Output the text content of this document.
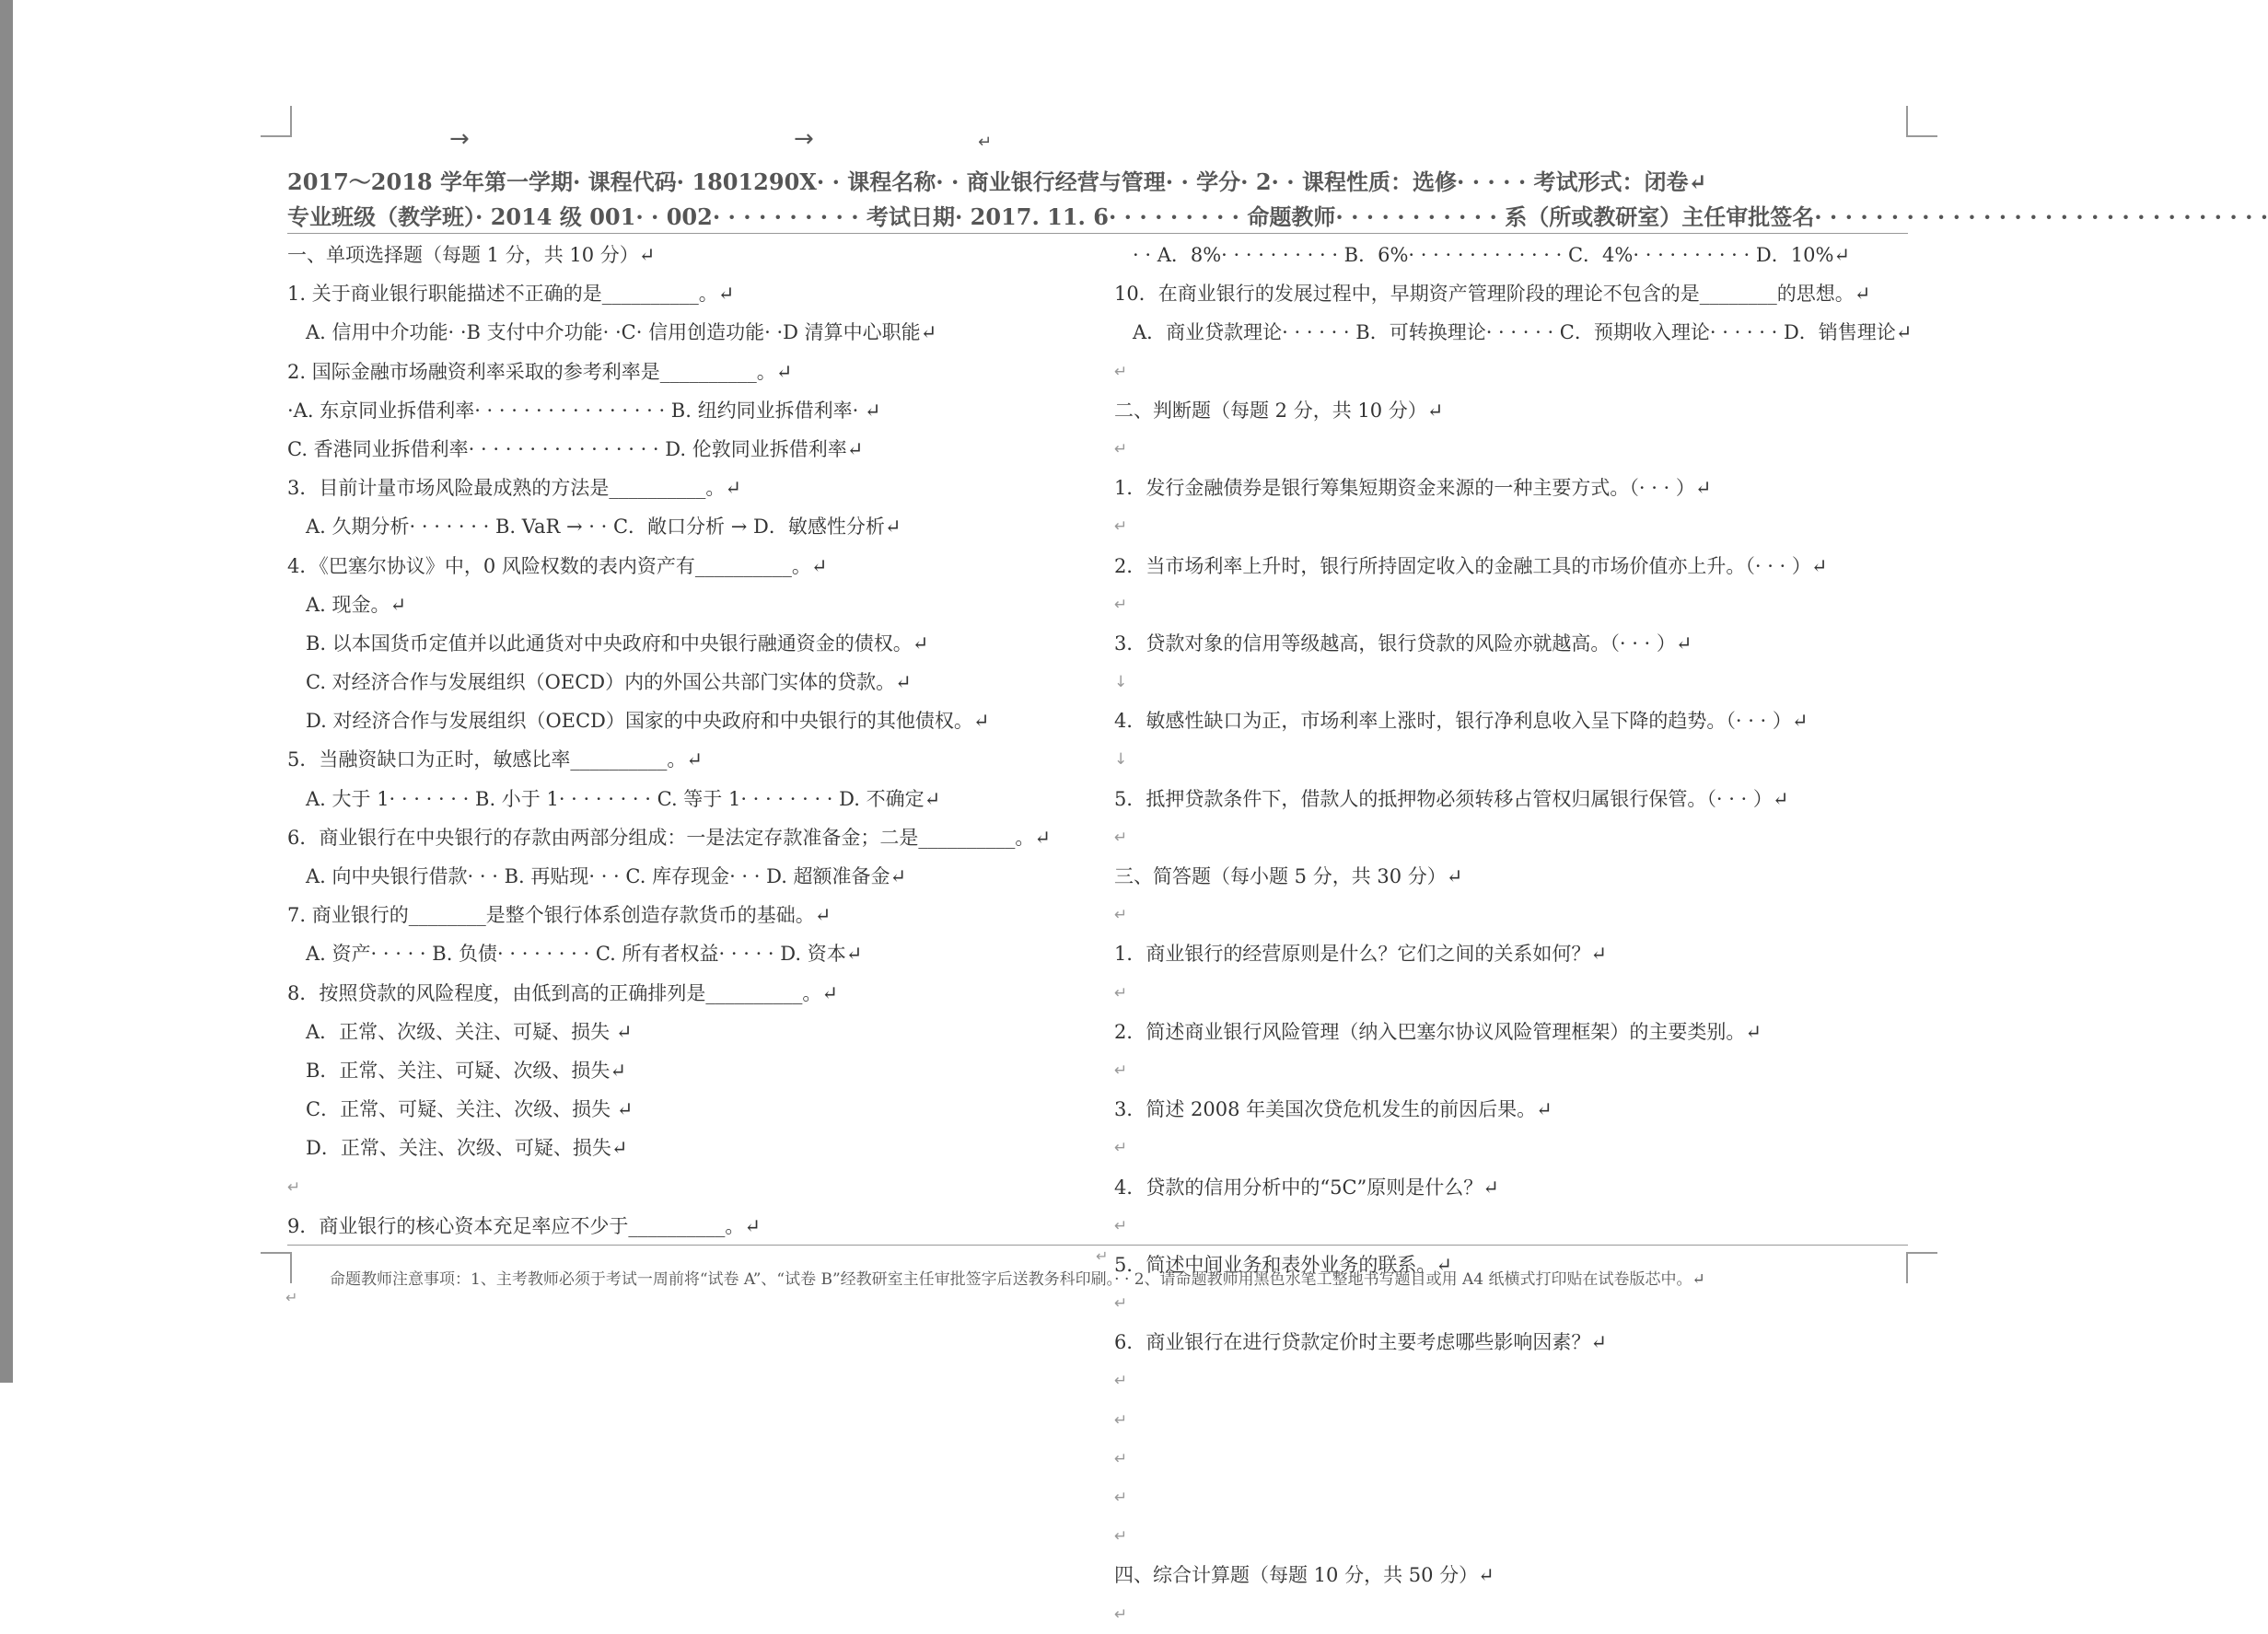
→	→	↵
2017～2018 学年第一学期· 课程代码· 1801290X· · 课程名称· · 商业银行经营与管理· · 学分· 2· · 课程性质：选修· · · · · 考试形式：闭卷↵
专业班级（教学班）· 2014 级 001· · 002· · · · · · · · · · 考试日期· 2017. 11. 6· · · · · · · · · 命题教师· · · · · · · · · · · 系（所或教研室）主任审批签名· · · · · · · · · · · · · · · · · · · · · · · · · · · · · ·
一、单项选择题（每题 1 分，共 10 分）↵
1. 关于商业银行职能描述不正确的是__________。↵
A. 信用中介功能· ·B 支付中介功能· ·C· 信用创造功能· ·D 清算中心职能↵
2. 国际金融市场融资利率采取的参考利率是__________。↵
·A. 东京同业拆借利率· · · · · · · · · · · · · · · · B. 纽约同业拆借利率· ↵
C. 香港同业拆借利率· · · · · · · · · · · · · · · · D. 伦敦同业拆借利率↵
3．目前计量市场风险最成熟的方法是__________。↵
A. 久期分析· · · · · · · B. VaR → · · C．敞口分析 → D．敏感性分析↵
4．《巴塞尔协议》中，0 风险权数的表内资产有__________。↵
A. 现金。↵
B. 以本国货币定值并以此通货对中央政府和中央银行融通资金的债权。↵
C. 对经济合作与发展组织（OECD）内的外国公共部门实体的贷款。↵
D. 对经济合作与发展组织（OECD）国家的中央政府和中央银行的其他债权。↵
5．当融资缺口为正时，敏感比率__________。↵
A. 大于 1· · · · · · · B. 小于 1· · · · · · · · C. 等于 1· · · · · · · · D. 不确定↵
6．商业银行在中央银行的存款由两部分组成：一是法定存款准备金；二是__________。↵
A. 向中央银行借款· · · B. 再贴现· · · C. 库存现金· · · D. 超额准备金↵
7. 商业银行的________是整个银行体系创造存款货币的基础。↵
A. 资产· · · · · B. 负债· · · · · · · · C. 所有者权益· · · · · D. 资本↵
8．按照贷款的风险程度，由低到高的正确排列是__________。↵
A．正常、次级、关注、可疑、损失 ↵
B．正常、关注、可疑、次级、损失↵
C．正常、可疑、关注、次级、损失 ↵
D．正常、关注、次级、可疑、损失↵
↵
9．商业银行的核心资本充足率应不少于__________。↵
· · A．8%· · · · · · · · · · B．6%· · · · · · · · · · · · · C．4%· · · · · · · · · · D．10%↵
10．在商业银行的发展过程中，早期资产管理阶段的理论不包含的是________的思想。↵
A．商业贷款理论· · · · · · B．可转换理论· · · · · · C．预期收入理论· · · · · · D．销售理论↵
↵
二、判断题（每题 2 分，共 10 分）↵
↵
1．发行金融债券是银行筹集短期资金来源的一种主要方式。（· · · ）↵
↵
2．当市场利率上升时，银行所持固定收入的金融工具的市场价值亦上升。（· · · ）↵
↵
3．贷款对象的信用等级越高，银行贷款的风险亦就越高。（· · · ）↵
↓
4．敏感性缺口为正，市场利率上涨时，银行净利息收入呈下降的趋势。（· · · ）↵
↓
5．抵押贷款条件下，借款人的抵押物必须转移占管权归属银行保管。（· · · ）↵
↵
三、简答题（每小题 5 分，共 30 分）↵
↵
1．商业银行的经营原则是什么？它们之间的关系如何？↵
↵
2．简述商业银行风险管理（纳入巴塞尔协议风险管理框架）的主要类别。↵
↵
3．简述 2008 年美国次贷危机发生的前因后果。↵
↵
4．贷款的信用分析中的“5C”原则是什么？↵
↵
5．简述中间业务和表外业务的联系。↵
↵
6．商业银行在进行贷款定价时主要考虑哪些影响因素？↵
↵
↵
↵
↵
↵
四、综合计算题（每题 10 分，共 50 分）↵
↵
↵
命题教师注意事项：1、主考教师必须于考试一周前将“试卷 A”、“试卷 B”经教研室主任审批签字后送教务科印刷。· · 2、请命题教师用黑色水笔工整地书写题目或用 A4 纸横式打印贴在试卷版芯中。↵
↵
